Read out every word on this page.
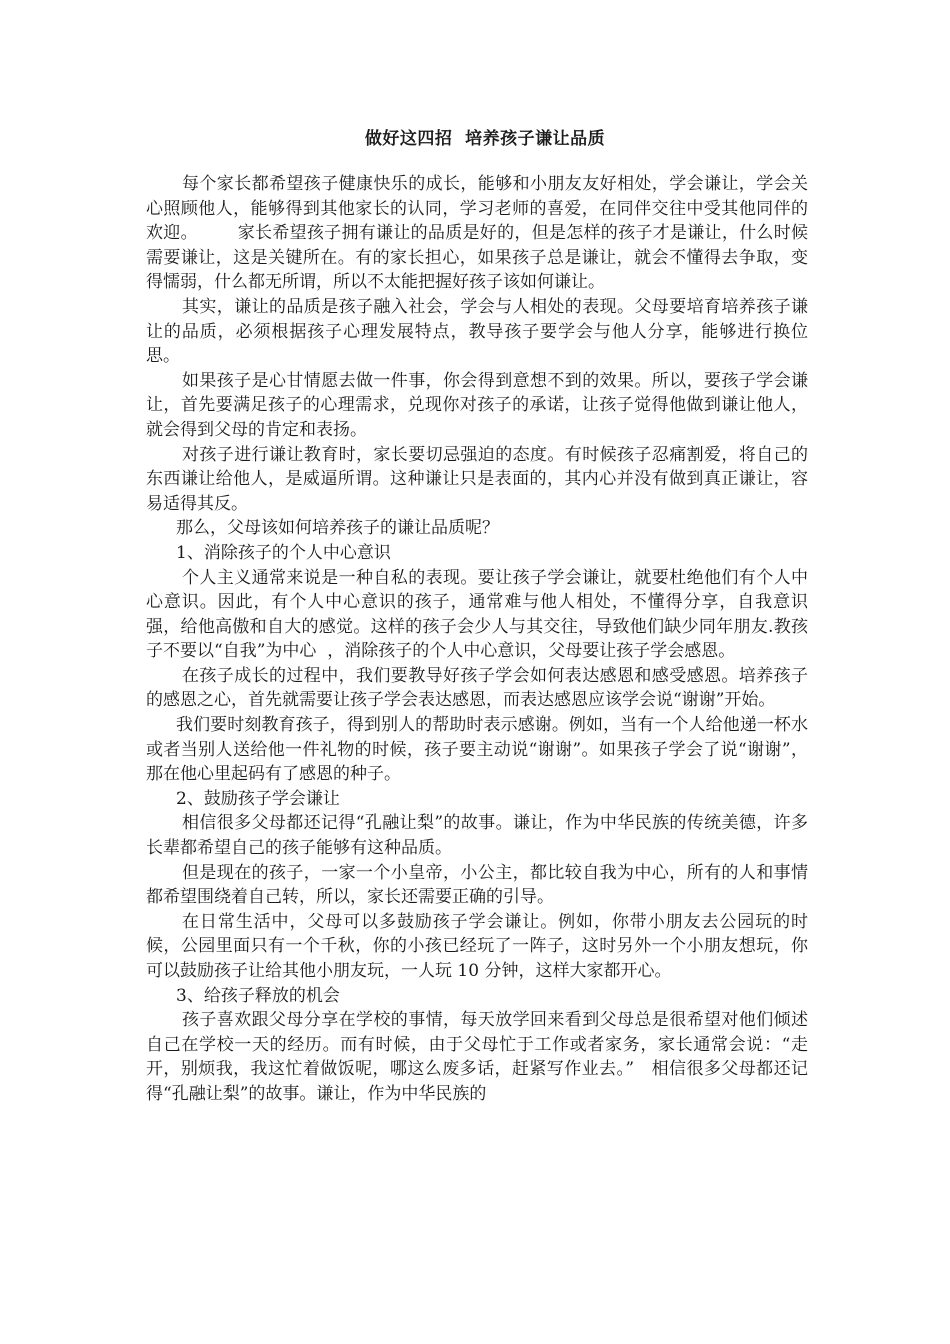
做好这四招  培养孩子谦让品质

每个家长都希望孩子健康快乐的成长，能够和小朋友友好相处，学会谦让，学会关心照顾他人，能够得到其他家长的认同，学习老师的喜爱，在同伴交往中受其他同伴的欢迎。       家长希望孩子拥有谦让的品质是好的，但是怎样的孩子才是谦让，什么时候需要谦让，这是关键所在。有的家长担心，如果孩子总是谦让，就会不懂得去争取，变得懦弱，什么都无所谓，所以不太能把握好孩子该如何谦让。

其实，谦让的品质是孩子融入社会，学会与人相处的表现。父母要培育培养孩子谦让的品质，必须根据孩子心理发展特点，教导孩子要学会与他人分享，能够进行换位思。

如果孩子是心甘情愿去做一件事，你会得到意想不到的效果。所以，要孩子学会谦让，首先要满足孩子的心理需求，兑现你对孩子的承诺，让孩子觉得他做到谦让他人，就会得到父母的肯定和表扬。

对孩子进行谦让教育时，家长要切忌强迫的态度。有时候孩子忍痛割爱，将自己的东西谦让给他人，是威逼所谓。这种谦让只是表面的，其内心并没有做到真正谦让，容易适得其反。

那么，父母该如何培养孩子的谦让品质呢？

1、消除孩子的个人中心意识

个人主义通常来说是一种自私的表现。要让孩子学会谦让，就要杜绝他们有个人中心意识。因此，有个人中心意识的孩子，通常难与他人相处，不懂得分享，自我意识强，给他高傲和自大的感觉。这样的孩子会少人与其交往，导致他们缺少同年朋友.教孩子不要以“自我”为中心  ，消除孩子的个人中心意识，父母要让孩子学会感恩。

在孩子成长的过程中，我们要教导好孩子学会如何表达感恩和感受感恩。培养孩子的感恩之心，首先就需要让孩子学会表达感恩，而表达感恩应该学会说“谢谢”开始。

我们要时刻教育孩子，得到别人的帮助时表示感谢。例如，当有一个人给他递一杯水或者当别人送给他一件礼物的时候，孩子要主动说“谢谢”。如果孩子学会了说“谢谢”，那在他心里起码有了感恩的种子。

2、鼓励孩子学会谦让

相信很多父母都还记得“孔融让梨”的故事。谦让，作为中华民族的传统美德，许多长辈都希望自己的孩子能够有这种品质。

但是现在的孩子，一家一个小皇帝，小公主，都比较自我为中心，所有的人和事情都希望围绕着自己转，所以，家长还需要正确的引导。

在日常生活中，父母可以多鼓励孩子学会谦让。例如，你带小朋友去公园玩的时候，公园里面只有一个千秋，你的小孩已经玩了一阵子，这时另外一个小朋友想玩，你可以鼓励孩子让给其他小朋友玩，一人玩 10 分钟，这样大家都开心。

3、给孩子释放的机会

孩子喜欢跟父母分享在学校的事情，每天放学回来看到父母总是很希望对他们倾述自己在学校一天的经历。而有时候，由于父母忙于工作或者家务，家长通常会说：“走开，别烦我，我这忙着做饭呢，哪这么废多话，赶紧写作业去。”   相信很多父母都还记得“孔融让梨”的故事。谦让，作为中华民族的
